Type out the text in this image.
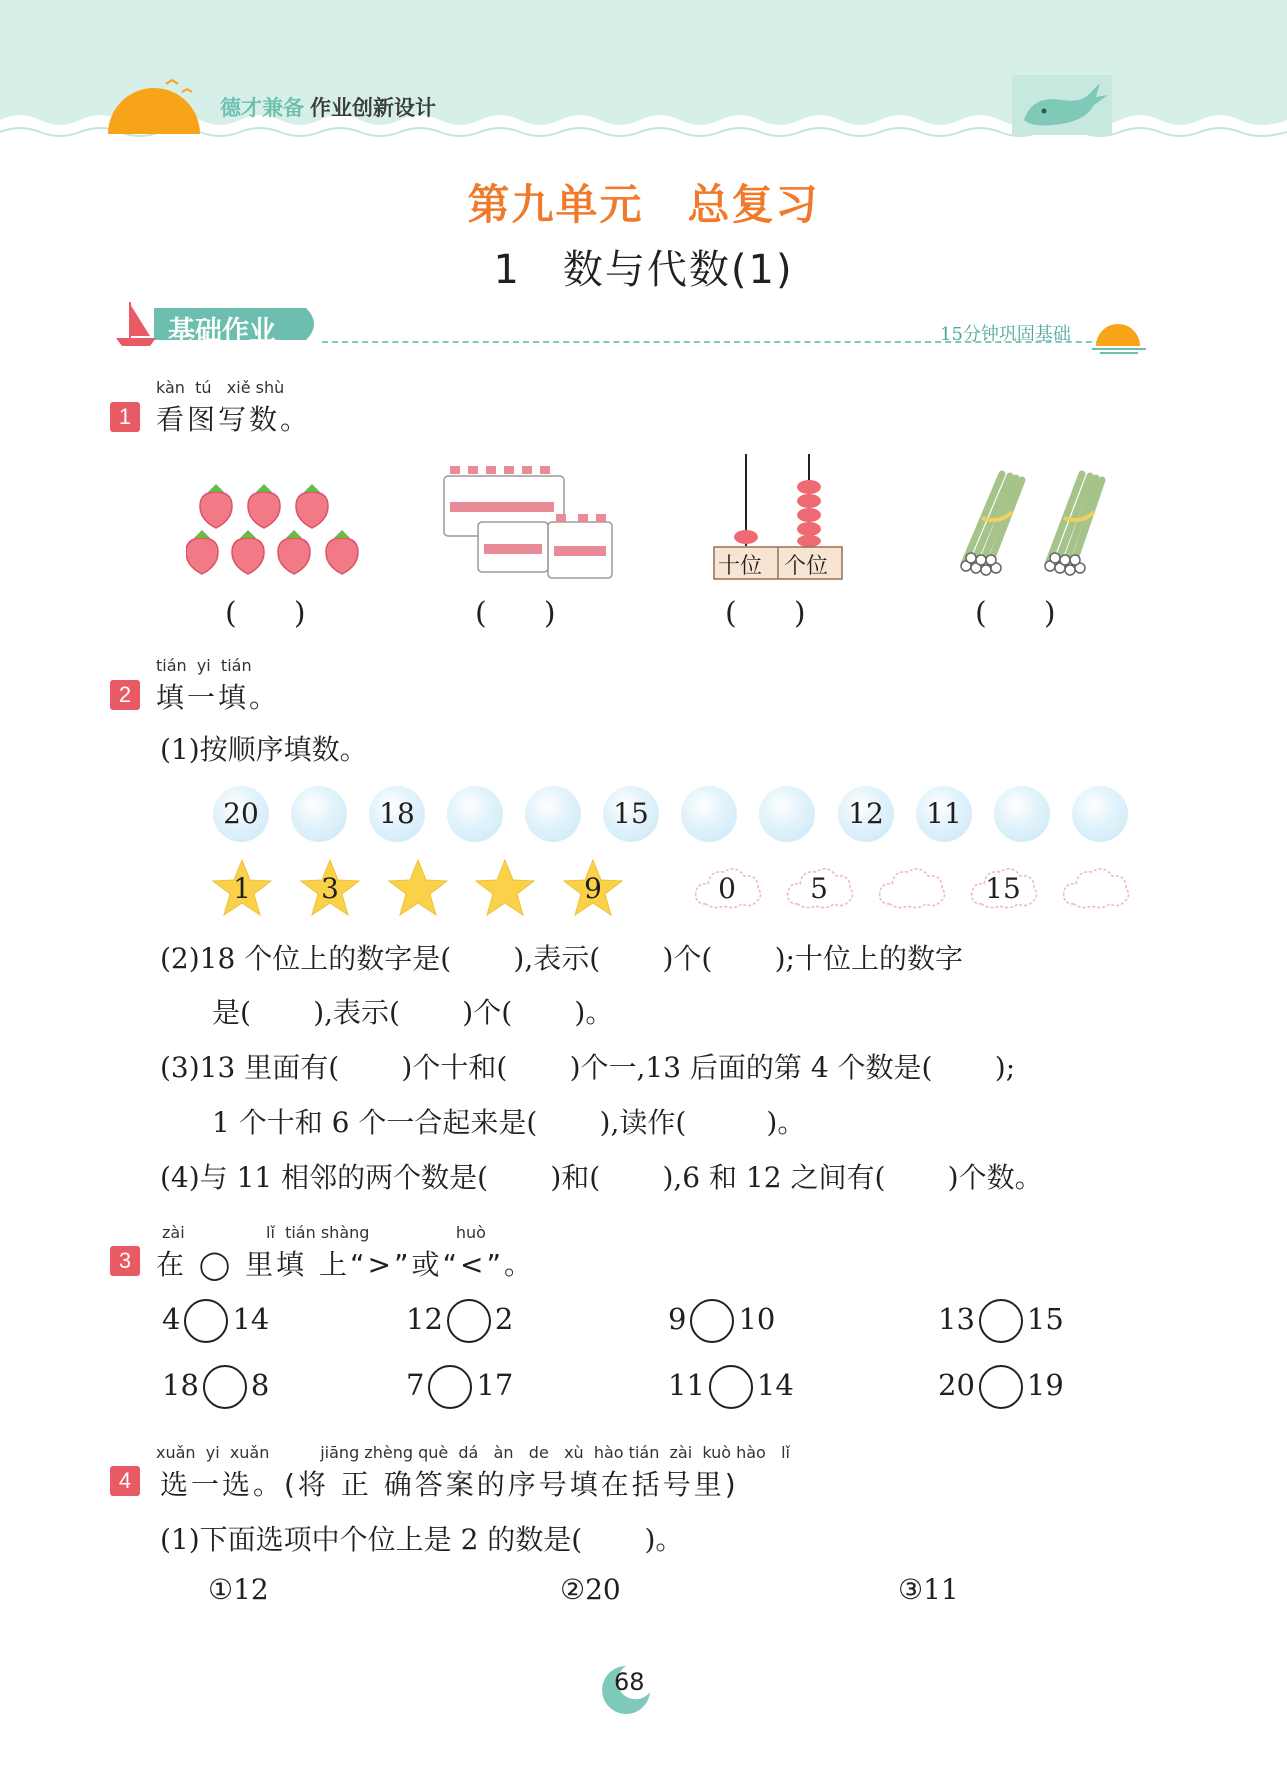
德才兼备 作业创新设计
第九单元 总复习
1　数与代数(1)
基础作业	15分钟巩固基础
kàn  tú   xiě shù
1 看图写数。
十位 个位
(      )	(      )	(      )	(      )
tián  yi  tián
2 填一填。
(1)按顺序填数。
20	18	15	12	11
1	3	9	0	5	15
(2)18 个位上的数字是(       ),表示(       )个(       );十位上的数字
是(       ),表示(       )个(       )。
(3)13 里面有(       )个十和(       )个一,13 后面的第 4 个数是(       );
1 个十和 6 个一合起来是(       ),读作(         )。
(4)与 11 相邻的两个数是(       )和(       ),6 和 12 之间有(       )个数。
zài                lǐ  tián shàng                 huò
3 在 ◯ 里填 上“>”或“<”。
4 14	12 2	9 10	13 15
18 8	7 17	11 14	20 19
xuǎn  yi  xuǎn          jiāng zhèng què  dá   àn   de   xù  hào tián  zài  kuò hào   lǐ
4	选一选。(将 正 确答案的序号填在括号里)
(1)下面选项中个位上是 2 的数是(       )。
①12	②20	③11
68
